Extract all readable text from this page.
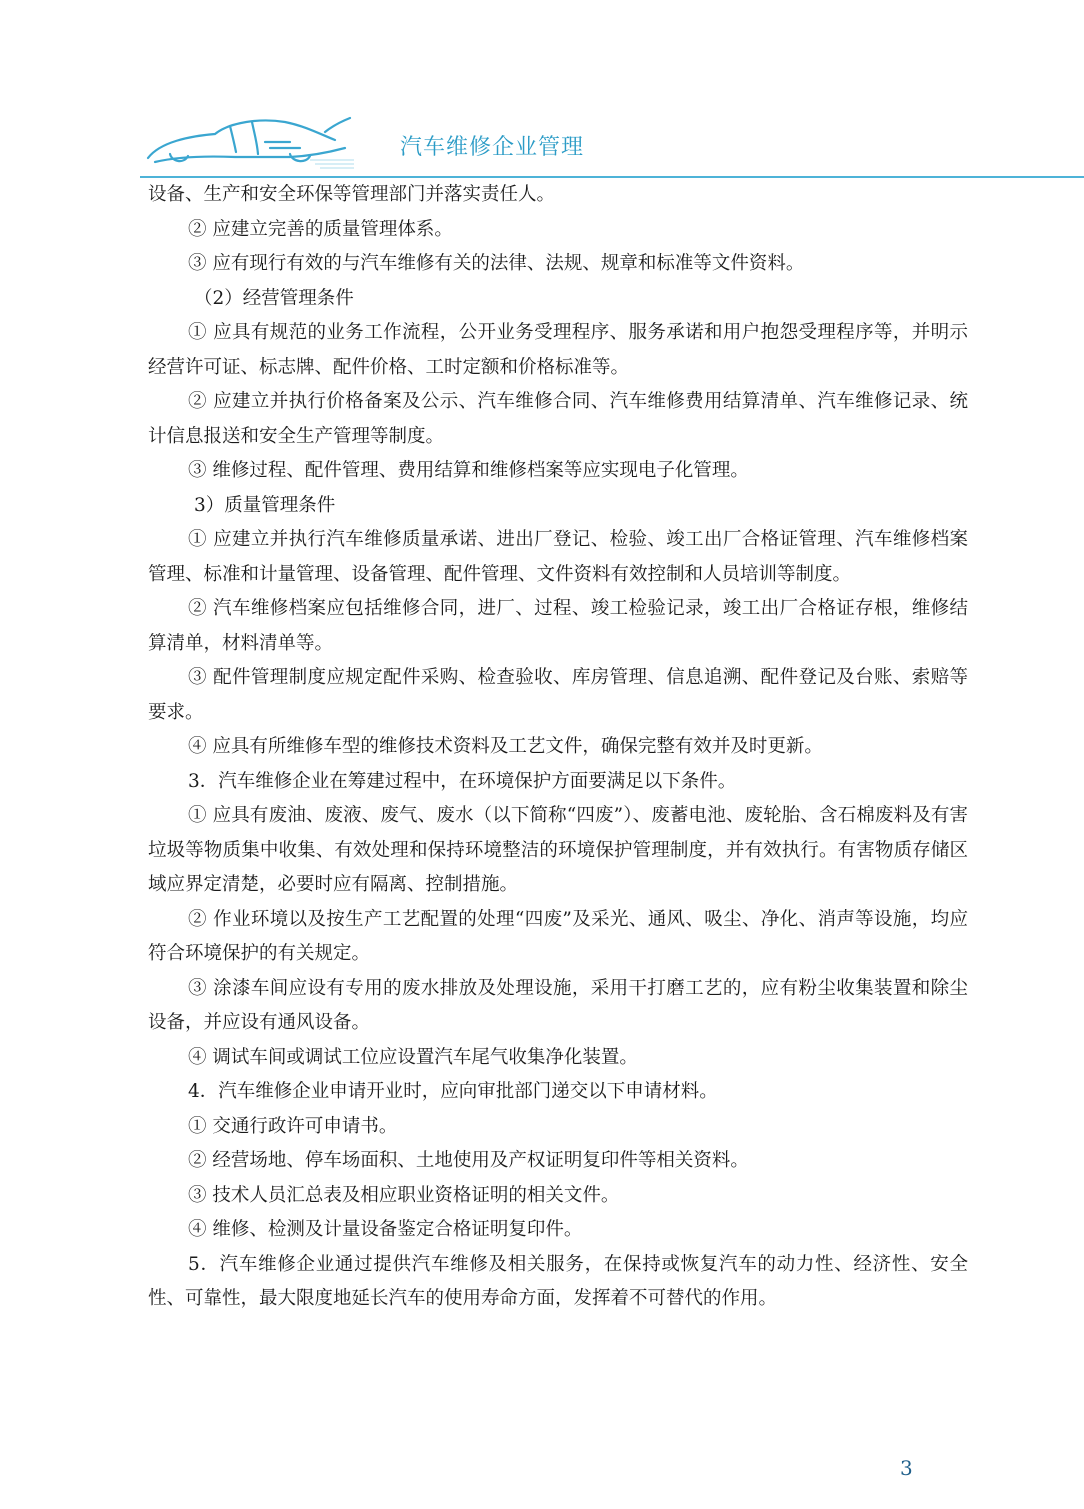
汽车维修企业管理

设备、生产和安全环保等管理部门并落实责任人。

② 应建立完善的质量管理体系。

③ 应有现行有效的与汽车维修有关的法律、法规、规章和标准等文件资料。

（2）经营管理条件

① 应具有规范的业务工作流程，公开业务受理程序、服务承诺和用户抱怨受理程序等，并明示经营许可证、标志牌、配件价格、工时定额和价格标准等。

② 应建立并执行价格备案及公示、汽车维修合同、汽车维修费用结算清单、汽车维修记录、统计信息报送和安全生产管理等制度。

③ 维修过程、配件管理、费用结算和维修档案等应实现电子化管理。

3）质量管理条件

① 应建立并执行汽车维修质量承诺、进出厂登记、检验、竣工出厂合格证管理、汽车维修档案管理、标准和计量管理、设备管理、配件管理、文件资料有效控制和人员培训等制度。

② 汽车维修档案应包括维修合同，进厂、过程、竣工检验记录，竣工出厂合格证存根，维修结算清单，材料清单等。

③ 配件管理制度应规定配件采购、检查验收、库房管理、信息追溯、配件登记及台账、索赔等要求。

④ 应具有所维修车型的维修技术资料及工艺文件，确保完整有效并及时更新。

3．汽车维修企业在筹建过程中，在环境保护方面要满足以下条件。

① 应具有废油、废液、废气、废水（以下简称“四废”）、废蓄电池、废轮胎、含石棉废料及有害垃圾等物质集中收集、有效处理和保持环境整洁的环境保护管理制度，并有效执行。有害物质存储区域应界定清楚，必要时应有隔离、控制措施。

② 作业环境以及按生产工艺配置的处理“四废”及采光、通风、吸尘、净化、消声等设施，均应符合环境保护的有关规定。

③ 涂漆车间应设有专用的废水排放及处理设施，采用干打磨工艺的，应有粉尘收集装置和除尘设备，并应设有通风设备。

④ 调试车间或调试工位应设置汽车尾气收集净化装置。

4．汽车维修企业申请开业时，应向审批部门递交以下申请材料。

① 交通行政许可申请书。

② 经营场地、停车场面积、土地使用及产权证明复印件等相关资料。

③ 技术人员汇总表及相应职业资格证明的相关文件。

④ 维修、检测及计量设备鉴定合格证明复印件。

5．汽车维修企业通过提供汽车维修及相关服务，在保持或恢复汽车的动力性、经济性、安全性、可靠性，最大限度地延长汽车的使用寿命方面，发挥着不可替代的作用。

3
